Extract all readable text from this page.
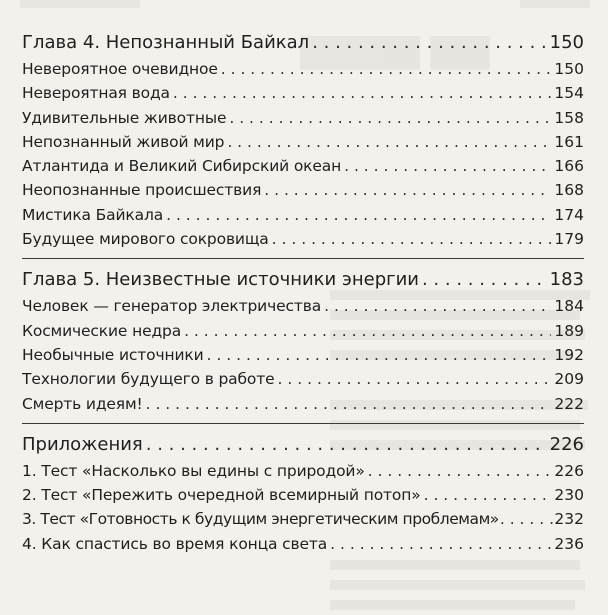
Глава 4. Непознанный Байкал . . .	150
Невероятное очевидное . . .	150
Невероятная вода . . .	154
Удивительные животные . . .	158
Непознанный живой мир . . .	161
Атлантида и Великий Сибирский океан . . .	166
Неопознанные происшествия . . .	168
Мистика Байкала . . .	174
Будущее мирового сокровища . . .	179
Глава 5. Неизвестные источники энергии . . .	183
Человек — генератор электричества . . .	184
Космические недра . . .	189
Необычные источники . . .	192
Технологии будущего в работе . . .	209
Смерть идеям! . . .	222
Приложения . . .	226
1. Тест «Насколько вы едины с природой» . . .	226
2. Тест «Пережить очередной всемирный потоп» . . .	230
3. Тест «Готовность к будущим энергетическим проблемам» . . .	232
4. Как спастись во время конца света . . .	236
